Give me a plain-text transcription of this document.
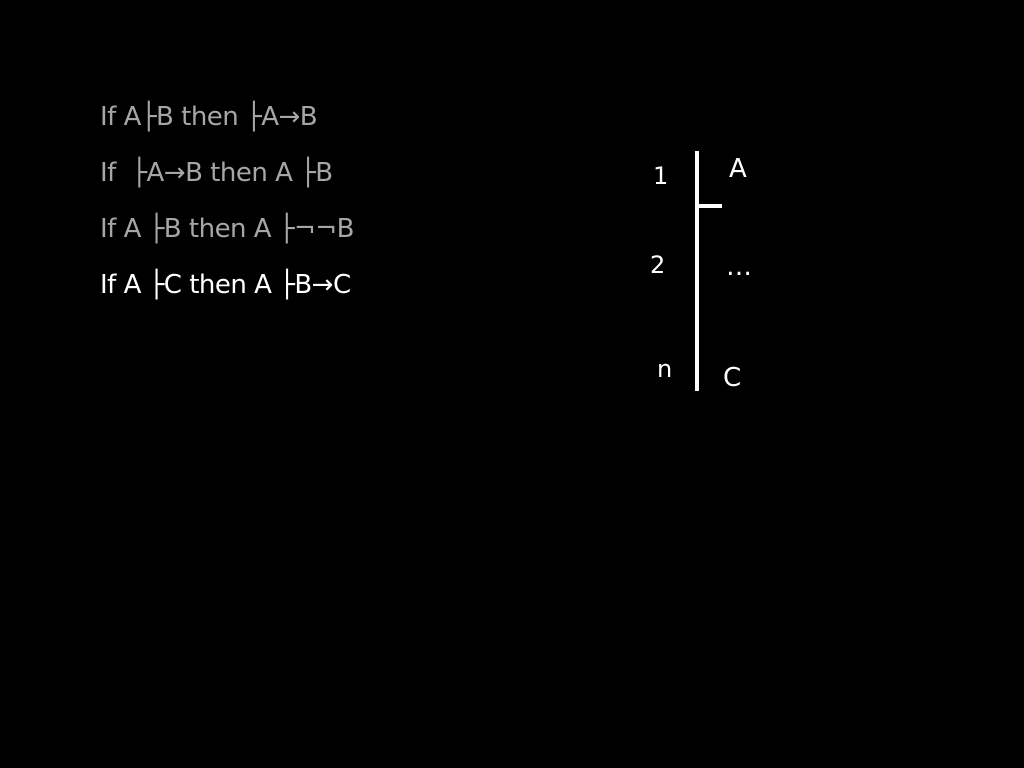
If A├B then ├A→B
If  ├A→B then A ├B
If A ├B then A ├¬¬B
If A ├C then A ├B→C
1 A
2 …
n C
